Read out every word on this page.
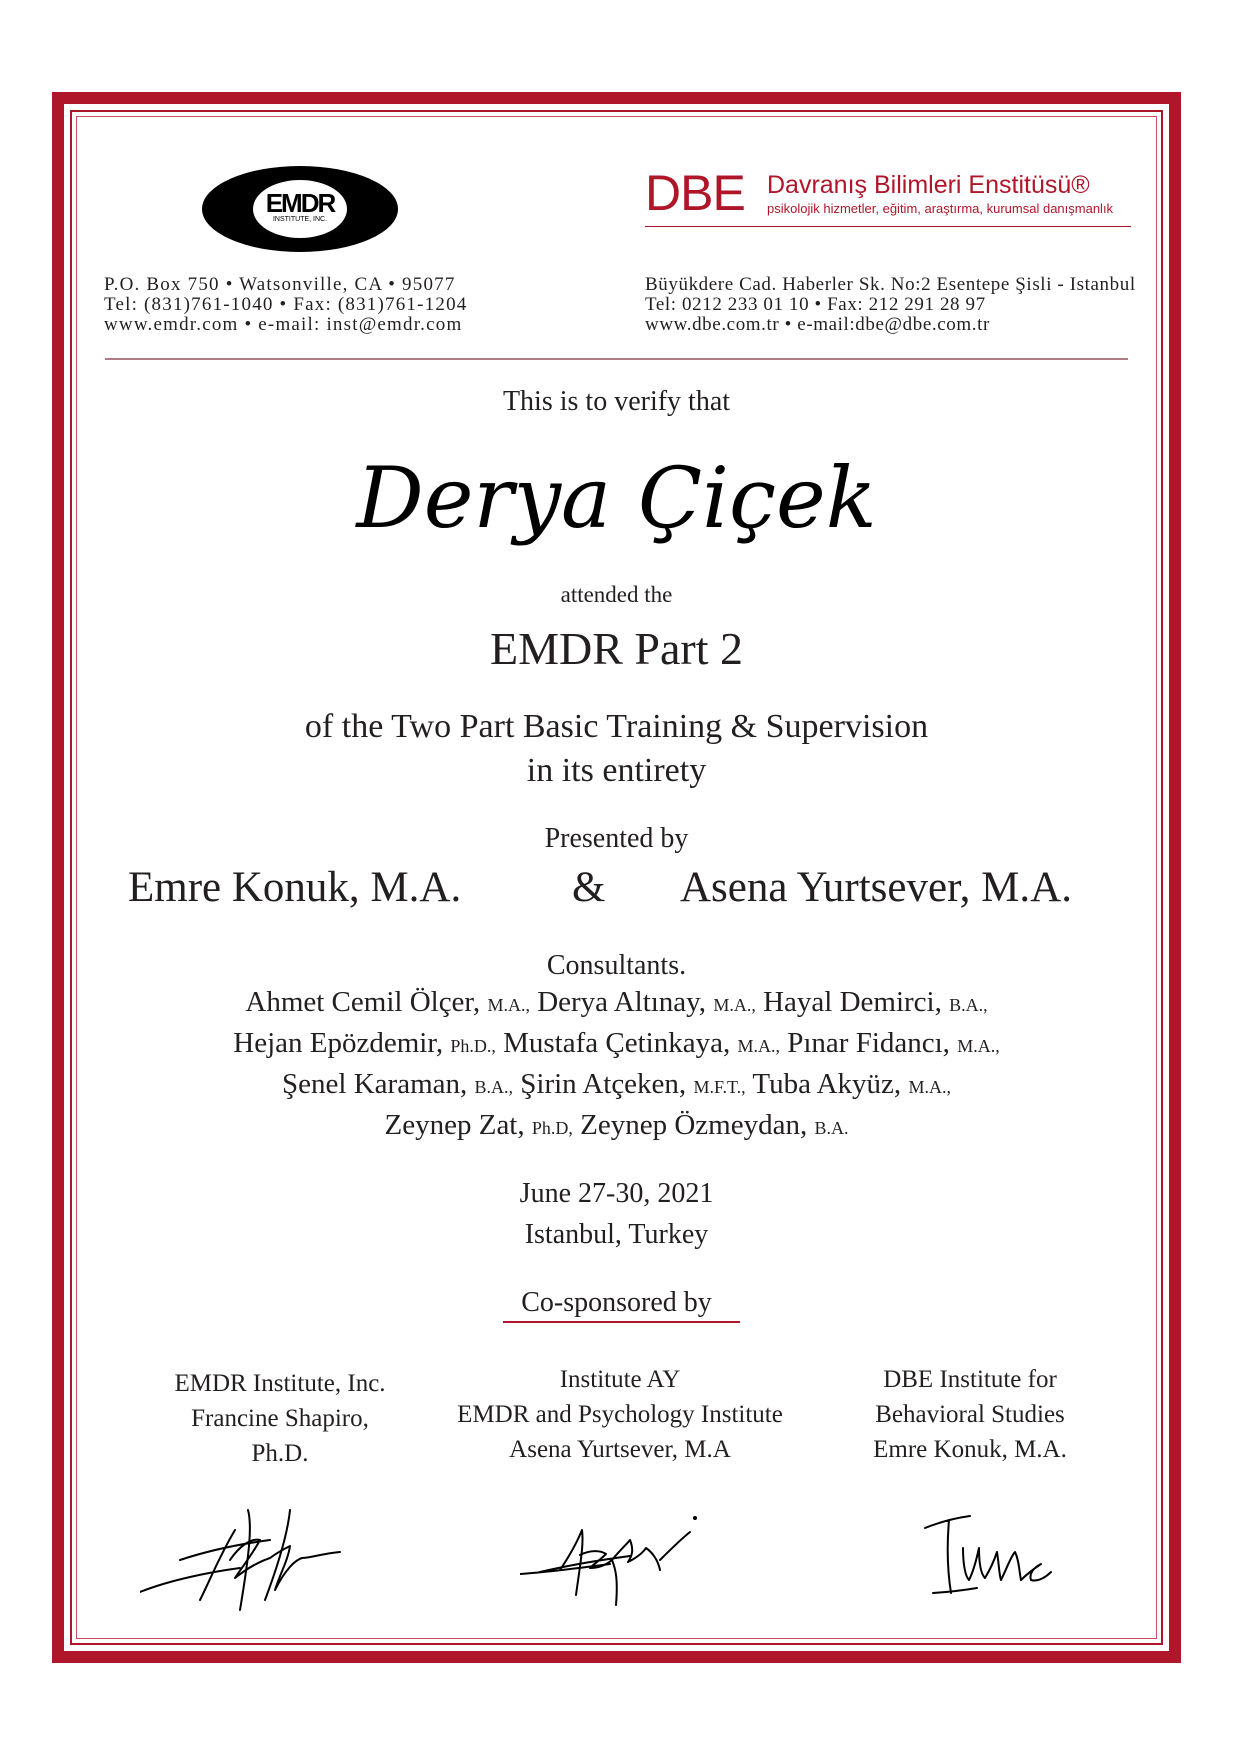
EMDR
INSTITUTE, INC.
P.O. Box 750 • Watsonville, CA • 95077
Tel: (831)761-1040 • Fax: (831)761-1204
www.emdr.com • e-mail: inst@emdr.com
DBE Davranış Bilimleri Enstitüsü®
psikolojik hizmetler, eğitim, araştırma, kurumsal danışmanlık
Büyükdere Cad. Haberler Sk. No:2 Esentepe Şisli - Istanbul
Tel: 0212 233 01 10 • Fax: 212 291 28 97
www.dbe.com.tr • e-mail:dbe@dbe.com.tr
This is to verify that
Derya Çiçek
attended the
EMDR Part 2
of the Two Part Basic Training & Supervision
in its entirety
Presented by
Emre Konuk, M.A.	& Asena Yurtsever, M.A.
Consultants.
Ahmet Cemil Ölçer, M.A., Derya Altınay, M.A., Hayal Demirci, B.A.,
Hejan Epözdemir, Ph.D., Mustafa Çetinkaya, M.A., Pınar Fidancı, M.A.,
Şenel Karaman, B.A., Şirin Atçeken, M.F.T., Tuba Akyüz, M.A.,
Zeynep Zat, Ph.D, Zeynep Özmeydan, B.A.
June 27-30, 2021
Istanbul, Turkey
Co-sponsored by
EMDR Institute, Inc.
Francine Shapiro,
Ph.D.
Institute AY
EMDR and Psychology Institute
Asena Yurtsever, M.A
DBE Institute for
Behavioral Studies
Emre Konuk, M.A.
